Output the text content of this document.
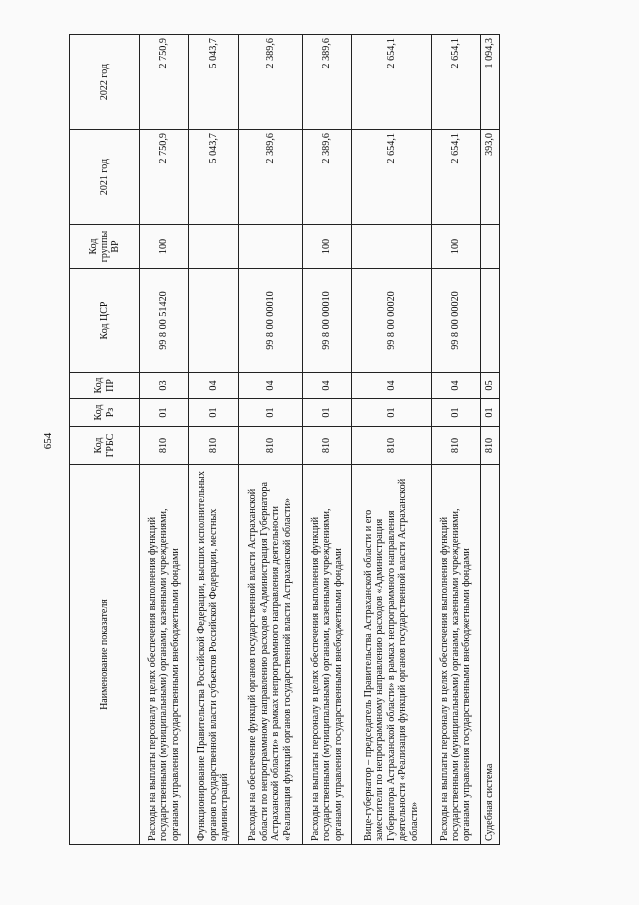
654
Наименование показателя	Код ГРБС	Код Рз	Код ПР	Код ЦСР	Код группы ВР	2021 год	2022 год
Расходы на выплаты персоналу в целях обеспечения выполнения функций государственными (муниципальными) органами, казенными учреждениями, органами управления государственными внебюджетными фондами	810	01	03	99 8 00 51420	100	2 750,9	2 750,9
Функционирование Правительства Российской Федерации, высших исполнительных органов государственной власти субъектов Российской Федерации, местных администраций	810	01	04			5 043,7	5 043,7
Расходы на обеспечение функций органов государственной власти Астраханской области по непрограммному направлению расходов «Администрация Губернатора Астраханской области» в рамках непрограммного направления деятельности «Реализация функций органов государственной власти Астраханской области»	810	01	04	99 8 00 00010		2 389,6	2 389,6
Расходы на выплаты персоналу в целях обеспечения выполнения функций государственными (муниципальными) органами, казенными учреждениями, органами управления государственными внебюджетными фондами	810	01	04	99 8 00 00010	100	2 389,6	2 389,6
Вице-губернатор – председатель Правительства Астраханской области и его заместители по непрограммному направлению расходов «Администрация Губернатора Астраханской области» в рамках непрограммного направления деятельности «Реализация функций органов государственной власти Астраханской области»	810	01	04	99 8 00 00020		2 654,1	2 654,1
Расходы на выплаты персоналу в целях обеспечения выполнения функций государственными (муниципальными) органами, казенными учреждениями, органами управления государственными внебюджетными фондами	810	01	04	99 8 00 00020	100	2 654,1	2 654,1
Судебная система	810	01	05			393,0	1 094,3
